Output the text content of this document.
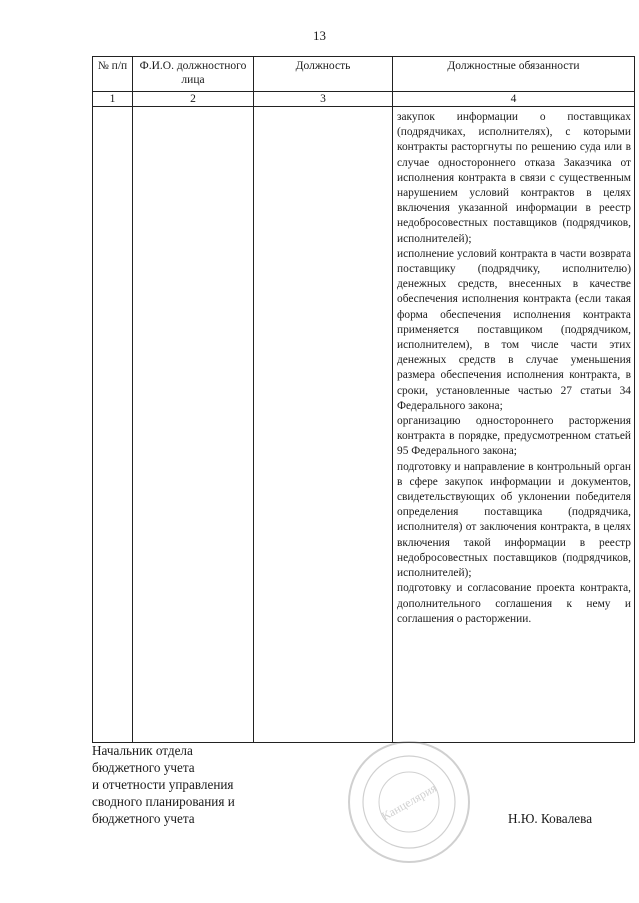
13
№ п/п	Ф.И.О. должностного лица	Должность	Должностные обязанности
1	2	3	4

			закупок информации о поставщиках (подрядчиках, исполнителях), с которыми контракты расторгнуты по решению суда или в случае одностороннего отказа Заказчика от исполнения контракта в связи с существенным нарушением условий контрактов в целях включения указанной информации в реестр недобросовестных поставщиков (подрядчиков, исполнителей);
исполнение условий контракта в части возврата поставщику (подрядчику, исполнителю) денежных средств, внесенных в качестве обеспечения исполнения контракта (если такая форма обеспечения исполнения контракта применяется поставщиком (подрядчиком, исполнителем), в том числе части этих денежных средств в случае уменьшения размера обеспечения исполнения контракта, в сроки, установленные частью 27 статьи 34 Федерального закона;
организацию одностороннего расторжения контракта в порядке, предусмотренном статьей 95 Федерального закона;
подготовку и направление в контрольный орган в сфере закупок информации и документов, свидетельствующих об уклонении победителя определения поставщика (подрядчика, исполнителя) от заключения контракта, в целях включения такой информации в реестр недобросовестных поставщиков (подрядчиков, исполнителей);
подготовку и согласование проекта контракта, дополнительного соглашения к нему и соглашения о расторжении.
Начальник отдела
бюджетного учета
и отчетности управления
сводного планирования и
бюджетного учета	Н.Ю. Ковалева
Канцелярия
